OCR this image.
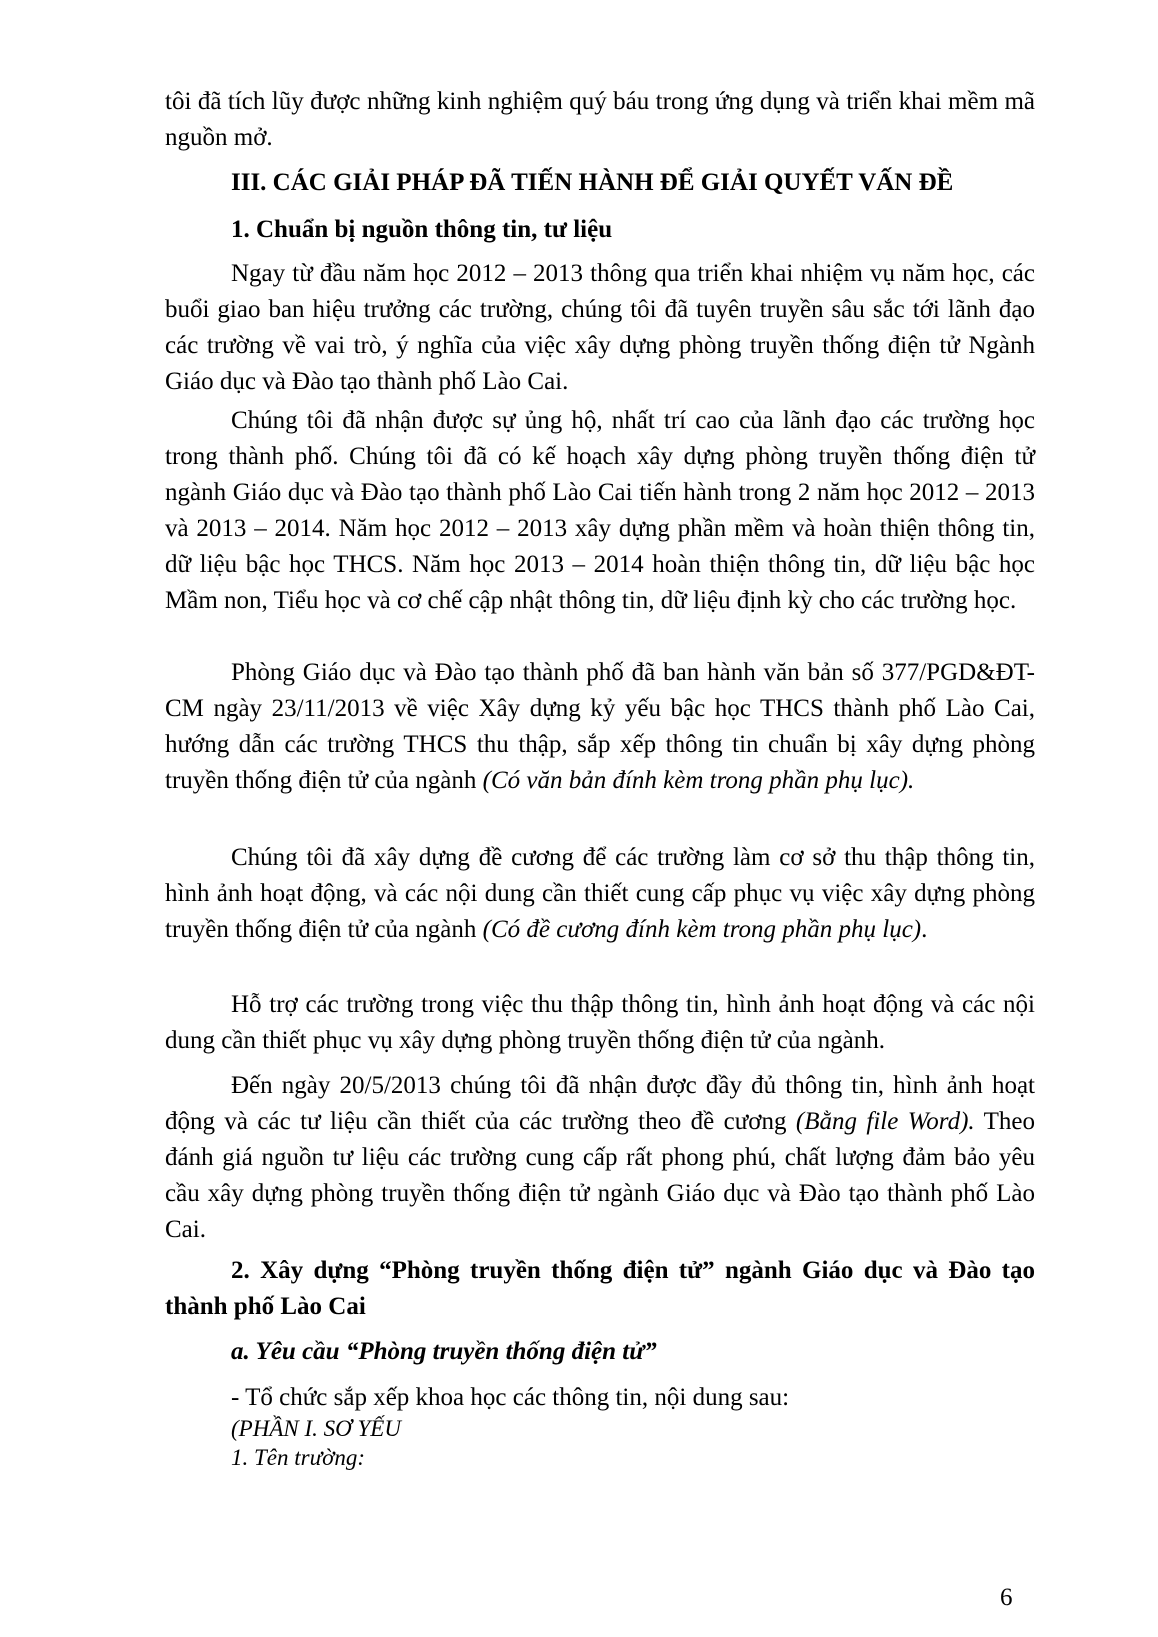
tôi đã tích lũy được những kinh nghiệm quý báu trong ứng dụng và triển khai mềm mã nguồn mở.

III. CÁC GIẢI PHÁP ĐÃ TIẾN HÀNH ĐỂ GIẢI QUYẾT VẤN ĐỀ

1. Chuẩn bị nguồn thông tin, tư liệu

Ngay từ đầu năm học 2012 – 2013 thông qua triển khai nhiệm vụ năm học, các buổi giao ban hiệu trưởng các trường, chúng tôi đã tuyên truyền sâu sắc tới lãnh đạo các trường về vai trò, ý nghĩa của việc xây dựng phòng truyền thống điện tử Ngành Giáo dục và Đào tạo thành phố Lào Cai.

Chúng tôi đã nhận được sự ủng hộ, nhất trí cao của lãnh đạo các trường học trong thành phố. Chúng tôi đã có kế hoạch xây dựng phòng truyền thống điện tử ngành Giáo dục và Đào tạo thành phố Lào Cai tiến hành trong 2 năm học 2012 – 2013 và 2013 – 2014. Năm học 2012 – 2013 xây dựng phần mềm và hoàn thiện thông tin, dữ liệu bậc học THCS. Năm học 2013 – 2014 hoàn thiện thông tin, dữ liệu bậc học Mầm non, Tiểu học và cơ chế cập nhật thông tin, dữ liệu định kỳ cho các trường học.

Phòng Giáo dục và Đào tạo thành phố đã ban hành văn bản số 377/PGD&ĐT-CM ngày 23/11/2013 về việc Xây dựng kỷ yếu bậc học THCS thành phố Lào Cai, hướng dẫn các trường THCS thu thập, sắp xếp thông tin chuẩn bị xây dựng phòng truyền thống điện tử của ngành (Có văn bản đính kèm trong phần phụ lục).

Chúng tôi đã xây dựng đề cương để các trường làm cơ sở thu thập thông tin, hình ảnh hoạt động, và các nội dung cần thiết cung cấp phục vụ việc xây dựng phòng truyền thống điện tử của ngành (Có đề cương đính kèm trong phần phụ lục).

Hỗ trợ các trường trong việc thu thập thông tin, hình ảnh hoạt động và các nội dung cần thiết phục vụ xây dựng phòng truyền thống điện tử của ngành.

Đến ngày 20/5/2013 chúng tôi đã nhận được đầy đủ thông tin, hình ảnh hoạt động và các tư liệu cần thiết của các trường theo đề cương (Bằng file Word). Theo đánh giá nguồn tư liệu các trường cung cấp rất phong phú, chất lượng đảm bảo yêu cầu xây dựng phòng truyền thống điện tử ngành Giáo dục và Đào tạo thành phố Lào Cai.

2. Xây dựng “Phòng truyền thống điện tử” ngành Giáo dục và Đào tạo thành phố Lào Cai

a. Yêu cầu “Phòng truyền thống điện tử”

- Tổ chức sắp xếp khoa học các thông tin, nội dung sau:

(PHẦN I. SƠ YẾU

1. Tên trường:

6
